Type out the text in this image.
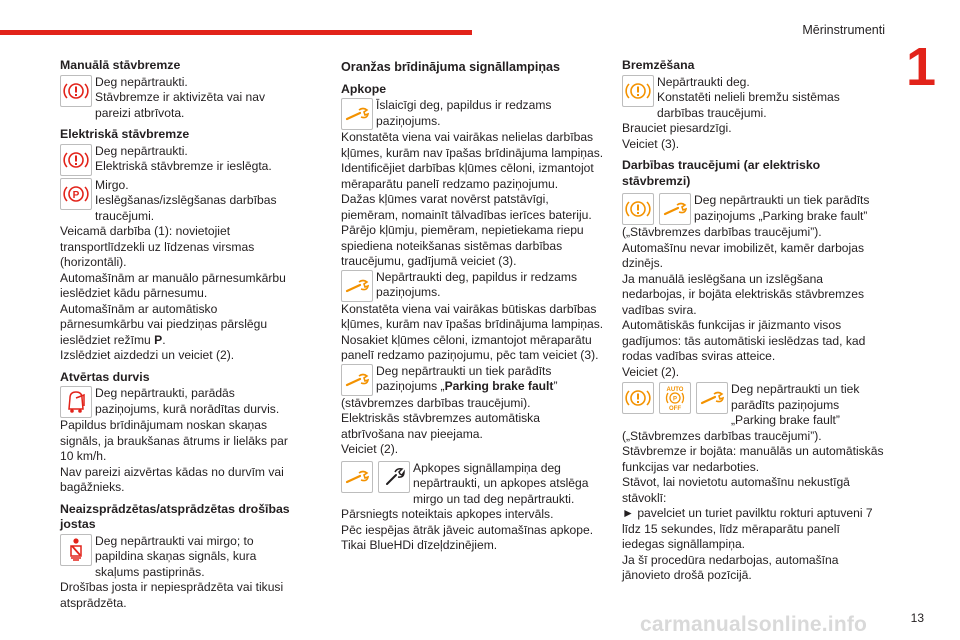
Mērinstrumenti
1
13
carmanualsonline.info
Manuālā stāvbremze

Deg nepārtraukti.

Stāvbremze ir aktivizēta vai nav pareizi atbrīvota.

Elektriskā stāvbremze

Deg nepārtraukti.

Elektriskā stāvbremze ir ieslēgta.

P

Mirgo.

Ieslēgšanas/izslēgšanas darbības traucējumi.

Veicamā darbība (1): novietojiet transportlīdzekli uz līdzenas virsmas (horizontāli).

Automašīnām ar manuālo pārnesumkārbu ieslēdziet kādu pārnesumu.

Automašīnām ar automātisko pārnesumkārbu vai piedziņas pārslēgu ieslēdziet režīmu P.

Izslēdziet aizdedzi un veiciet (2).

Atvērtas durvis

Deg nepārtraukti, parādās paziņojums, kurā norādītas durvis.

Papildus brīdinājumam noskan skaņas signāls, ja braukšanas ātrums ir lielāks par 10 km/h.

Nav pareizi aizvērtas kādas no durvīm vai bagāžnieks.

Neaizsprādzētas/atsprādzētas drošības jostas

Deg nepārtraukti vai mirgo; to papildina skaņas signāls, kura skaļums pastiprinās.

Drošības josta ir nepiesprādzēta vai tikusi atsprādzēta.

Oranžas brīdinājuma signāllampiņas
Apkope

Īslaicīgi deg, papildus ir redzams paziņojums.

Konstatēta viena vai vairākas nelielas darbības kļūmes, kurām nav īpašas brīdinājuma lampiņas.

Identificējiet darbības kļūmes cēloni, izmantojot mēraparātu panelī redzamo paziņojumu.

Dažas kļūmes varat novērst patstāvīgi, piemēram, nomainīt tālvadības ierīces bateriju.

Pārējo kļūmju, piemēram, nepietiekama riepu spiediena noteikšanas sistēmas darbības traucējumu, gadījumā veiciet (3).

Nepārtraukti deg, papildus ir redzams paziņojums.

Konstatēta viena vai vairākas būtiskas darbības kļūmes, kurām nav īpašas brīdinājuma lampiņas.

Nosakiet kļūmes cēloni, izmantojot mēraparātu panelī redzamo paziņojumu, pēc tam veiciet (3).

Deg nepārtraukti un tiek parādīts paziņojums „Parking brake fault”

(stāvbremzes darbības traucējumi).

Elektriskās stāvbremzes automātiska atbrīvošana nav pieejama.

Veiciet (2).

Apkopes signāllampiņa deg nepārtraukti, un apkopes atslēga mirgo un tad deg nepārtraukti.

Pārsniegts noteiktais apkopes intervāls.

Pēc iespējas ātrāk jāveic automašīnas apkope.

Tikai BlueHDi dīzeļdzinējiem.

Bremzēšana

Nepārtraukti deg.

Konstatēti nelieli bremžu sistēmas darbības traucējumi.

Brauciet piesardzīgi.

Veiciet (3).

Darbības traucējumi (ar elektrisko stāvbremzi)

Deg nepārtraukti un tiek parādīts paziņojums „Parking brake fault”

(„Stāvbremzes darbības traucējumi”).

Automašīnu nevar imobilizēt, kamēr darbojas dzinējs.

Ja manuālā ieslēgšana un izslēgšana nedarbojas, ir bojāta elektriskās stāvbremzes vadības svira.

Automātiskās funkcijas ir jāizmanto visos gadījumos: tās automātiski ieslēdzas tad, kad rodas vadības sviras atteice.

Veiciet (2).

AUTO
P
OFF

Deg nepārtraukti un tiek parādīts paziņojums „Parking brake fault” („Stāvbremzes darbības traucējumi”).

Stāvbremze ir bojāta: manuālās un automātiskās funkcijas var nedarboties.

Stāvot, lai novietotu automašīnu nekustīgā stāvoklī:

► pavelciet un turiet pavilktu rokturi aptuveni 7 līdz 15 sekundes, līdz mēraparātu panelī iedegas signāllampiņa.

Ja šī procedūra nedarbojas, automašīna jānovieto drošā pozīcijā.
